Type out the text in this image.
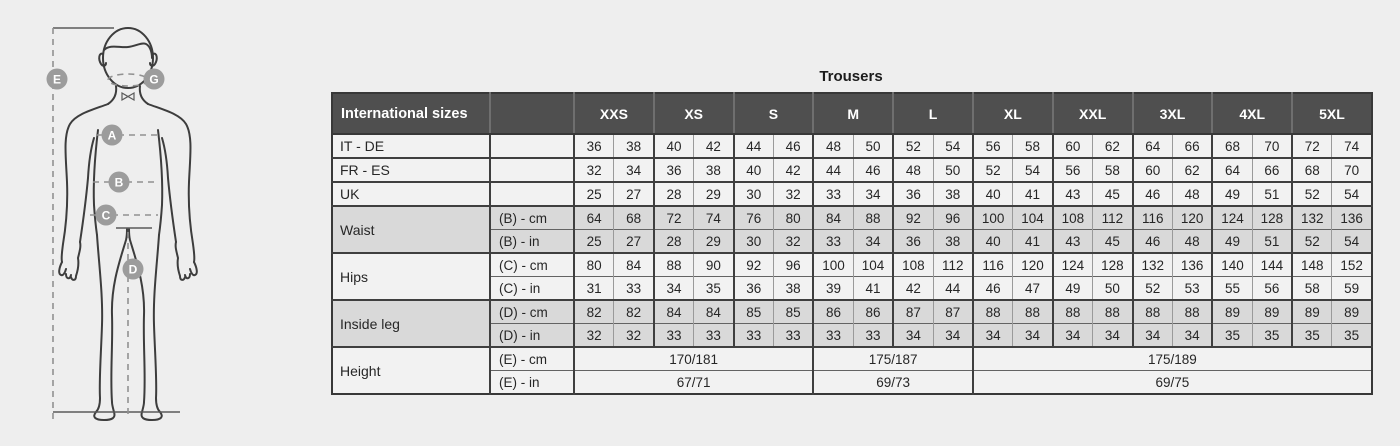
A
B
C
D
E	G	Trousers
International sizes		XXS		XS		S		M		L		XL		XXL		3XL		4XL		5XL	
IT - DE		36	38	40	42	44	46	48	50	52	54	56	58	60	62	64	66	68	70	72	74
FR - ES		32	34	36	38	40	42	44	46	48	50	52	54	56	58	60	62	64	66	68	70
UK		25	27	28	29	30	32	33	34	36	38	40	41	43	45	46	48	49	51	52	54
Waist	(B) - cm	64	68	72	74	76	80	84	88	92	96	100	104	108	112	116	120	124	128	132	136
	(B) - in	25	27	28	29	30	32	33	34	36	38	40	41	43	45	46	48	49	51	52	54
Hips	(C) - cm	80	84	88	90	92	96	100	104	108	112	116	120	124	128	132	136	140	144	148	152
	(C) - in	31	33	34	35	36	38	39	41	42	44	46	47	49	50	52	53	55	56	58	59
Inside leg	(D) - cm	82	82	84	84	85	85	86	86	87	87	88	88	88	88	88	88	89	89	89	89
	(D) - in	32	32	33	33	33	33	33	33	34	34	34	34	34	34	34	34	35	35	35	35
Height	(E) - cm	170/181						175/187				175/189									
	(E) - in	67/71						69/73				69/75									
